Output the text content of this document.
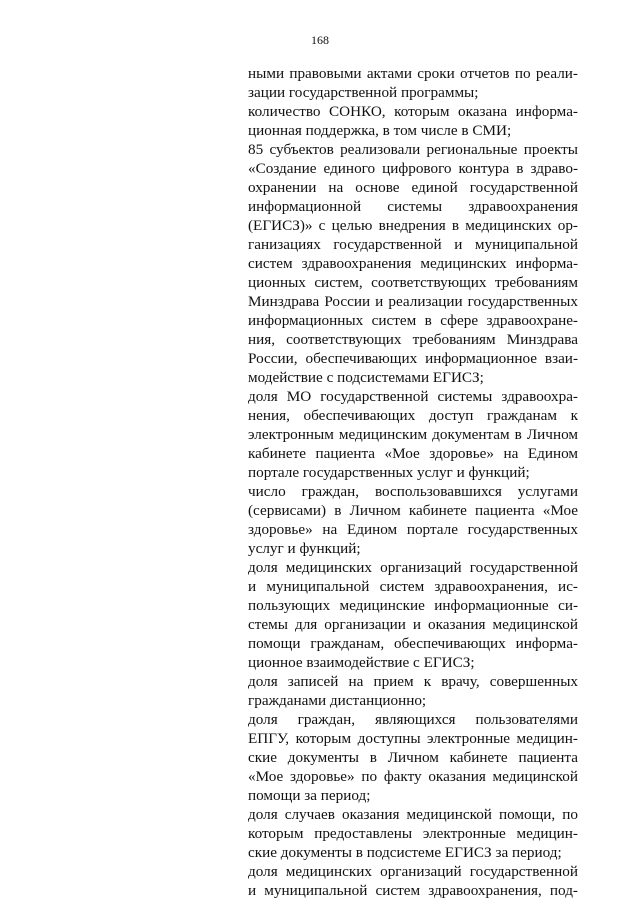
168
ными правовыми актами сроки отчетов по реали-
зации государственной программы;
количество СОНКО, которым оказана информа-
ционная поддержка, в том числе в СМИ;
85 субъектов реализовали региональные проекты
«Создание единого цифрового контура в здраво-
охранении на основе единой государственной
информационной системы здравоохранения
(ЕГИСЗ)» с целью внедрения в медицинских ор-
ганизациях государственной и муниципальной
систем здравоохранения медицинских информа-
ционных систем, соответствующих требованиям
Минздрава России и реализации государственных
информационных систем в сфере здравоохране-
ния, соответствующих требованиям Минздрава
России, обеспечивающих информационное взаи-
модействие с подсистемами ЕГИСЗ;
доля МО государственной системы здравоохра-
нения, обеспечивающих доступ гражданам к
электронным медицинским документам в Личном
кабинете пациента «Мое здоровье» на Едином
портале государственных услуг и функций;
число граждан, воспользовавшихся услугами
(сервисами) в Личном кабинете пациента «Мое
здоровье» на Едином портале государственных
услуг и функций;
доля медицинских организаций государственной
и муниципальной систем здравоохранения, ис-
пользующих медицинские информационные си-
стемы для организации и оказания медицинской
помощи гражданам, обеспечивающих информа-
ционное взаимодействие с ЕГИСЗ;
доля записей на прием к врачу, совершенных
гражданами дистанционно;
доля граждан, являющихся пользователями
ЕПГУ, которым доступны электронные медицин-
ские документы в Личном кабинете пациента
«Мое здоровье» по факту оказания медицинской
помощи за период;
доля случаев оказания медицинской помощи, по
которым предоставлены электронные медицин-
ские документы в подсистеме ЕГИСЗ за период;
доля медицинских организаций государственной
и муниципальной систем здравоохранения, под-
